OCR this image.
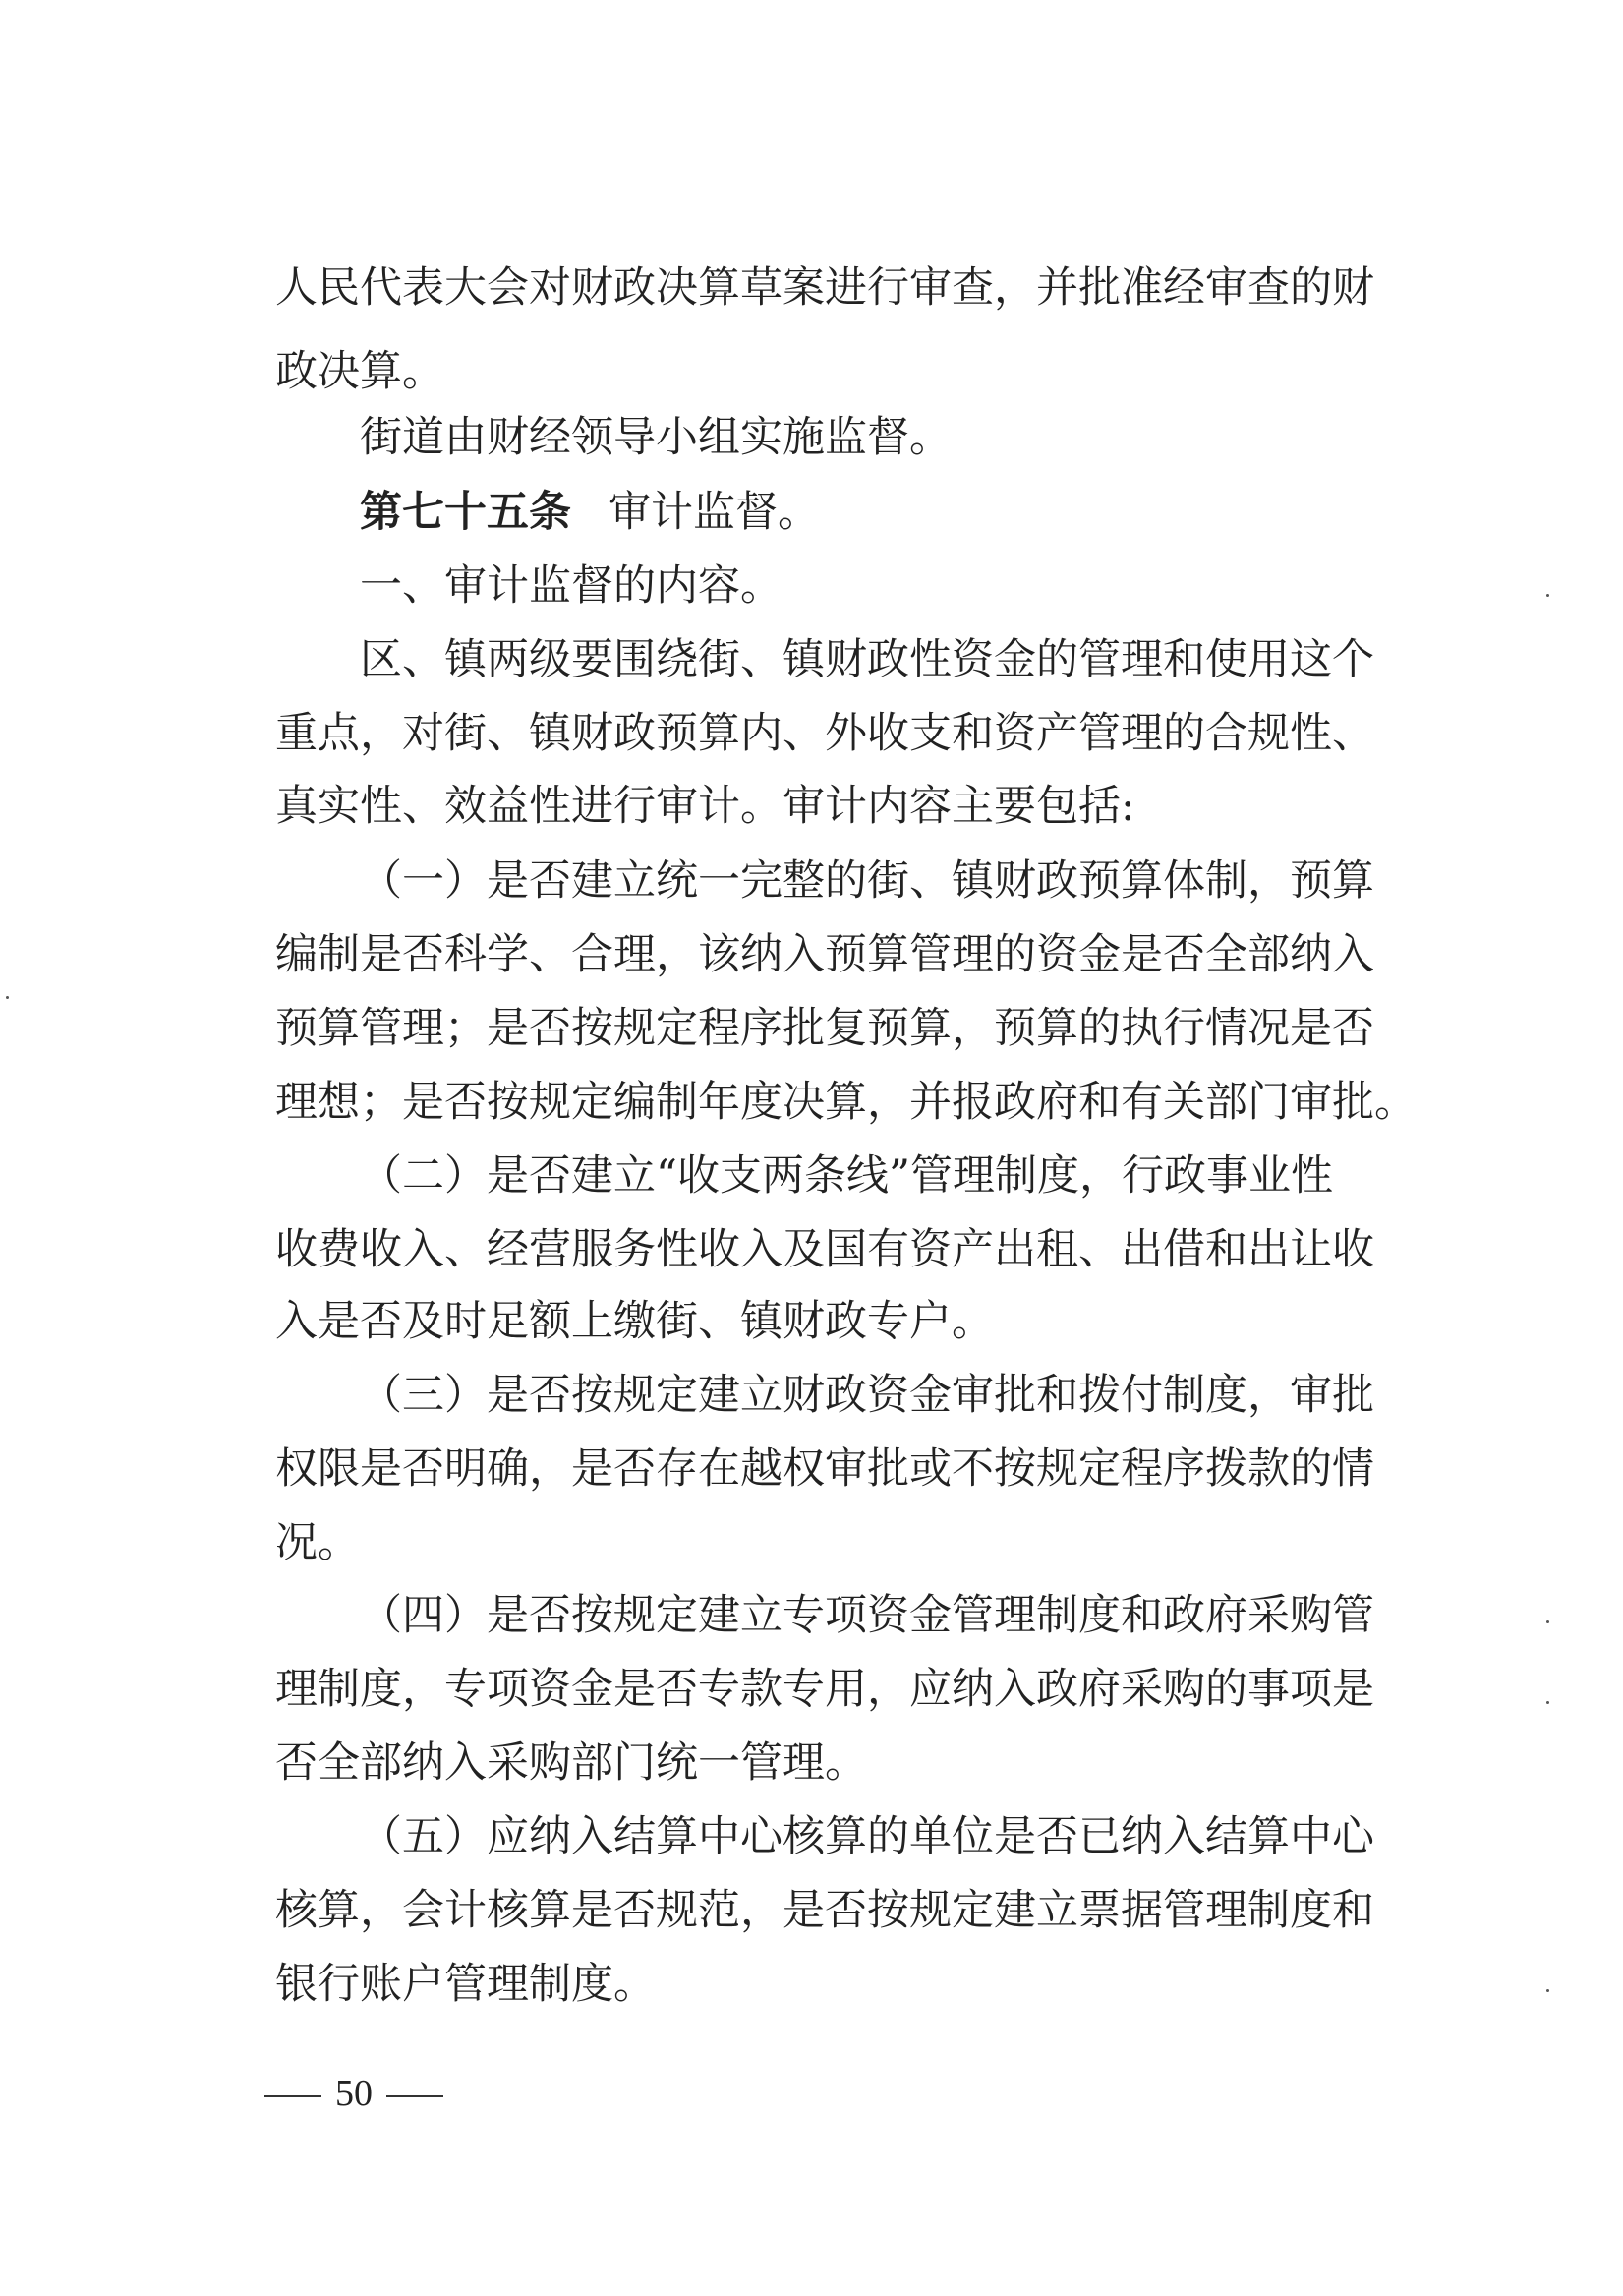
人民代表大会对财政决算草案进行审查，并批准经审查的财
政决算。
街道由财经领导小组实施监督。
第七十五条 审计监督。
一、审计监督的内容。
区、镇两级要围绕街、镇财政性资金的管理和使用这个
重点，对街、镇财政预算内、外收支和资产管理的合规性、
真实性、效益性进行审计。审计内容主要包括:
（一）是否建立统一完整的街、镇财政预算体制，预算
编制是否科学、合理，该纳入预算管理的资金是否全部纳入
预算管理；是否按规定程序批复预算，预算的执行情况是否
理想；是否按规定编制年度决算，并报政府和有关部门审批。
（二）是否建立“收支两条线”管理制度，行政事业性
收费收入、经营服务性收入及国有资产出租、出借和出让收
入是否及时足额上缴街、镇财政专户。
（三）是否按规定建立财政资金审批和拨付制度，审批
权限是否明确，是否存在越权审批或不按规定程序拨款的情
况。
（四）是否按规定建立专项资金管理制度和政府采购管
理制度，专项资金是否专款专用，应纳入政府采购的事项是
否全部纳入采购部门统一管理。
（五）应纳入结算中心核算的单位是否已纳入结算中心
核算，会计核算是否规范，是否按规定建立票据管理制度和
银行账户管理制度。
50
